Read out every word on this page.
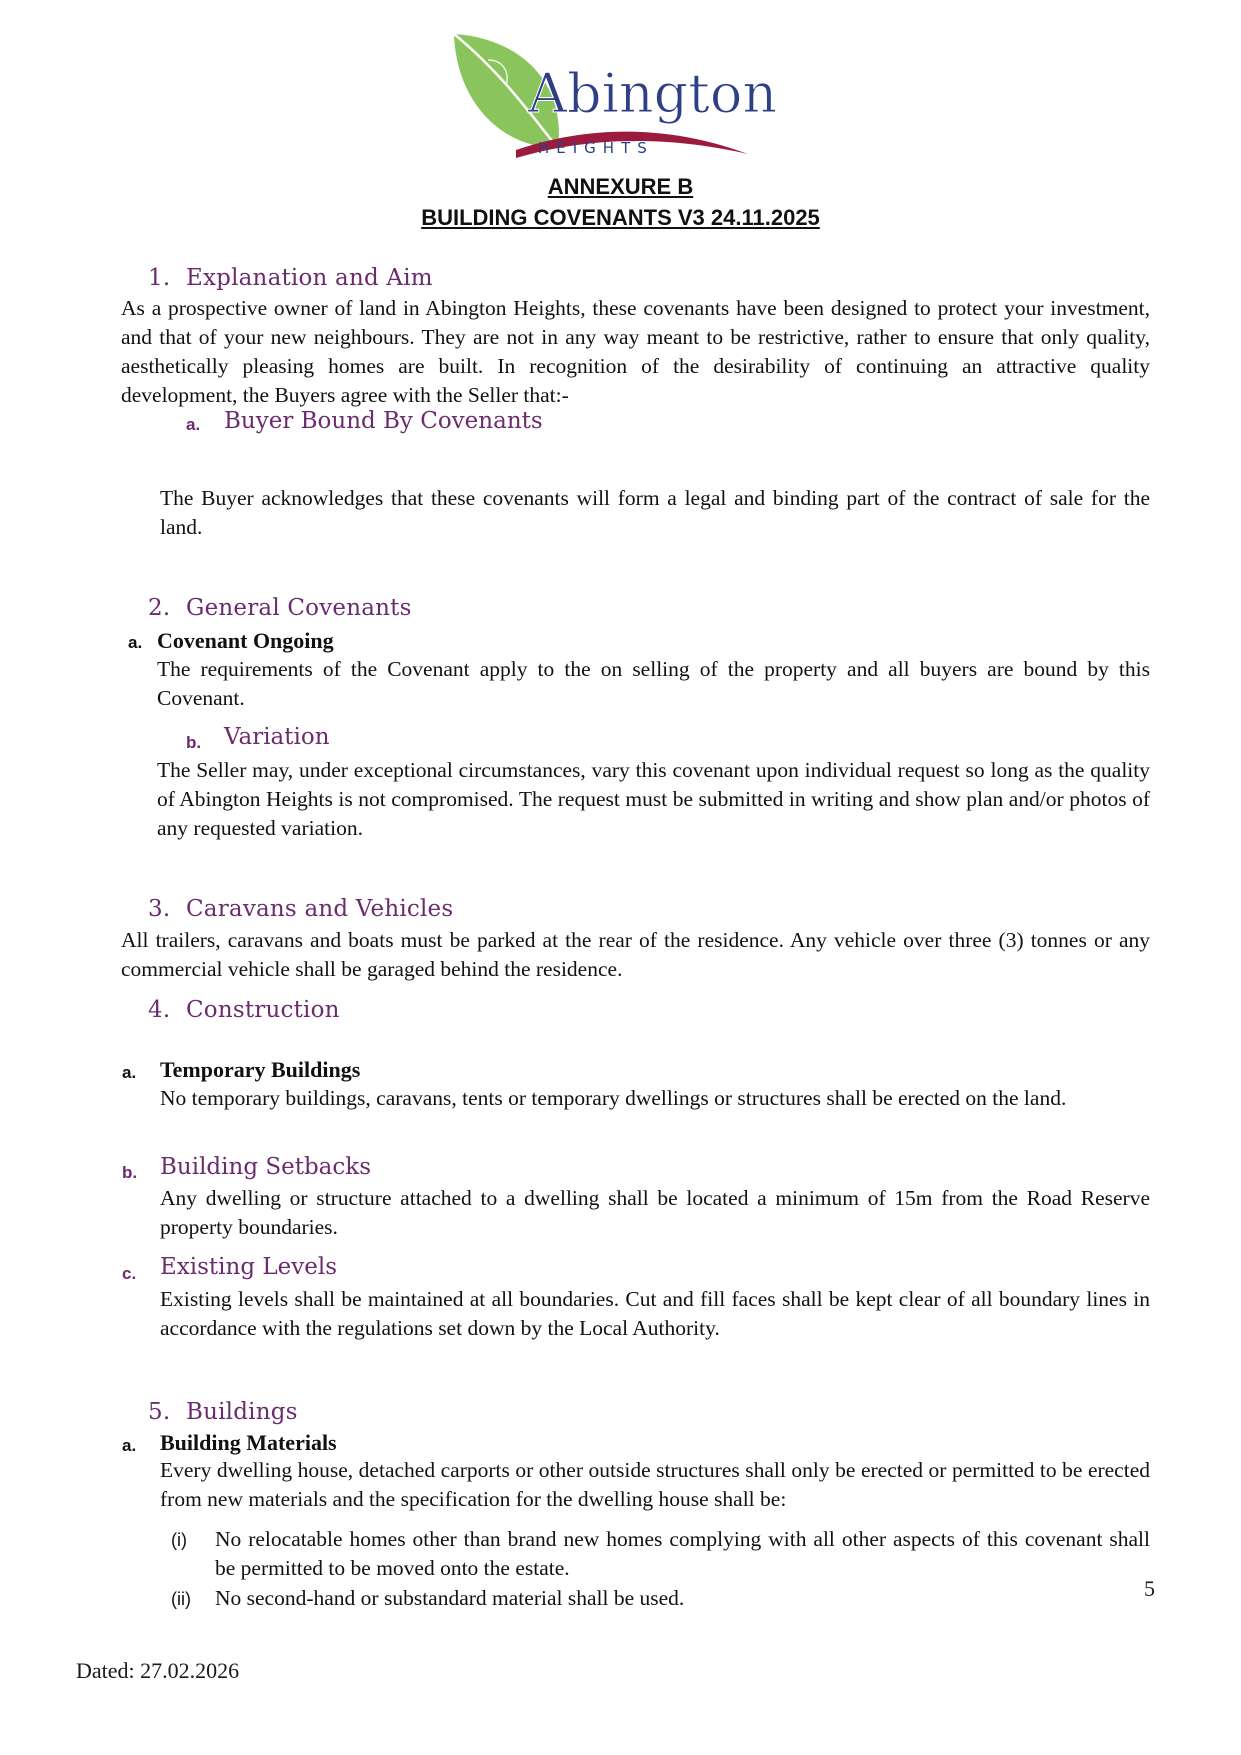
Abington
HEIGHTS
ANNEXURE B
BUILDING COVENANTS V3 24.11.2025
1. Explanation and Aim
As a prospective owner of land in Abington Heights, these covenants have been designed to protect your investment, and that of your new neighbours. They are not in any way meant to be restrictive, rather to ensure that only quality, aesthetically pleasing homes are built. In recognition of the desirability of continuing an attractive quality development, the Buyers agree with the Seller that:-
a. Buyer Bound By Covenants
The Buyer acknowledges that these covenants will form a legal and binding part of the contract of sale for the land.
2. General Covenants
a. Covenant Ongoing
The requirements of the Covenant apply to the on selling of the property and all buyers are bound by this Covenant.
b. Variation
The Seller may, under exceptional circumstances, vary this covenant upon individual request so long as the quality of Abington Heights is not compromised. The request must be submitted in writing and show plan and/or photos of any requested variation.
3. Caravans and Vehicles
All trailers, caravans and boats must be parked at the rear of the residence. Any vehicle over three (3) tonnes or any commercial vehicle shall be garaged behind the residence.
4. Construction
a. Temporary Buildings
No temporary buildings, caravans, tents or temporary dwellings or structures shall be erected on the land.
b. Building Setbacks
Any dwelling or structure attached to a dwelling shall be located a minimum of 15m from the Road Reserve property boundaries.
c. Existing Levels
Existing levels shall be maintained at all boundaries. Cut and fill faces shall be kept clear of all boundary lines in accordance with the regulations set down by the Local Authority.
5. Buildings
a. Building Materials
Every dwelling house, detached carports or other outside structures shall only be erected or permitted to be erected from new materials and the specification for the dwelling house shall be:
(i) No relocatable homes other than brand new homes complying with all other aspects of this covenant shall be permitted to be moved onto the estate.
(ii) No second-hand or substandard material shall be used.	5
Dated: 27.02.2026
